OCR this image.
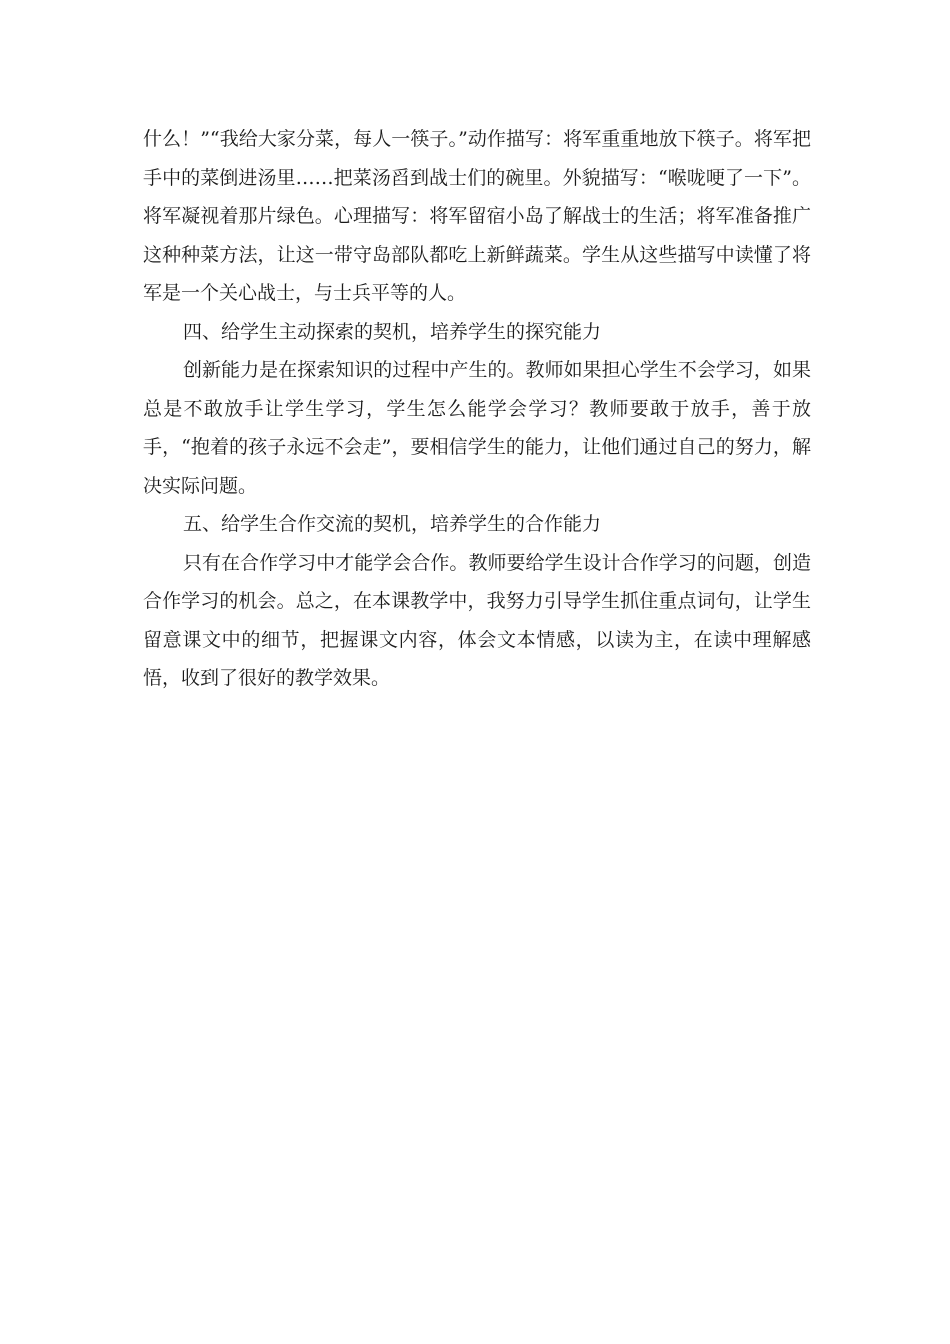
什么！”“我给大家分菜，每人一筷子。”动作描写：将军重重地放下筷子。将军把手中的菜倒进汤里……把菜汤舀到战士们的碗里。外貌描写：“喉咙哽了一下”。将军凝视着那片绿色。心理描写：将军留宿小岛了解战士的生活；将军准备推广这种种菜方法，让这一带守岛部队都吃上新鲜蔬菜。学生从这些描写中读懂了将军是一个关心战士，与士兵平等的人。

四、给学生主动探索的契机，培养学生的探究能力

创新能力是在探索知识的过程中产生的。教师如果担心学生不会学习，如果总是不敢放手让学生学习，学生怎么能学会学习？教师要敢于放手，善于放手，“抱着的孩子永远不会走”，要相信学生的能力，让他们通过自己的努力，解决实际问题。

五、给学生合作交流的契机，培养学生的合作能力

只有在合作学习中才能学会合作。教师要给学生设计合作学习的问题，创造合作学习的机会。总之，在本课教学中，我努力引导学生抓住重点词句，让学生留意课文中的细节，把握课文内容，体会文本情感，以读为主，在读中理解感悟，收到了很好的教学效果。
